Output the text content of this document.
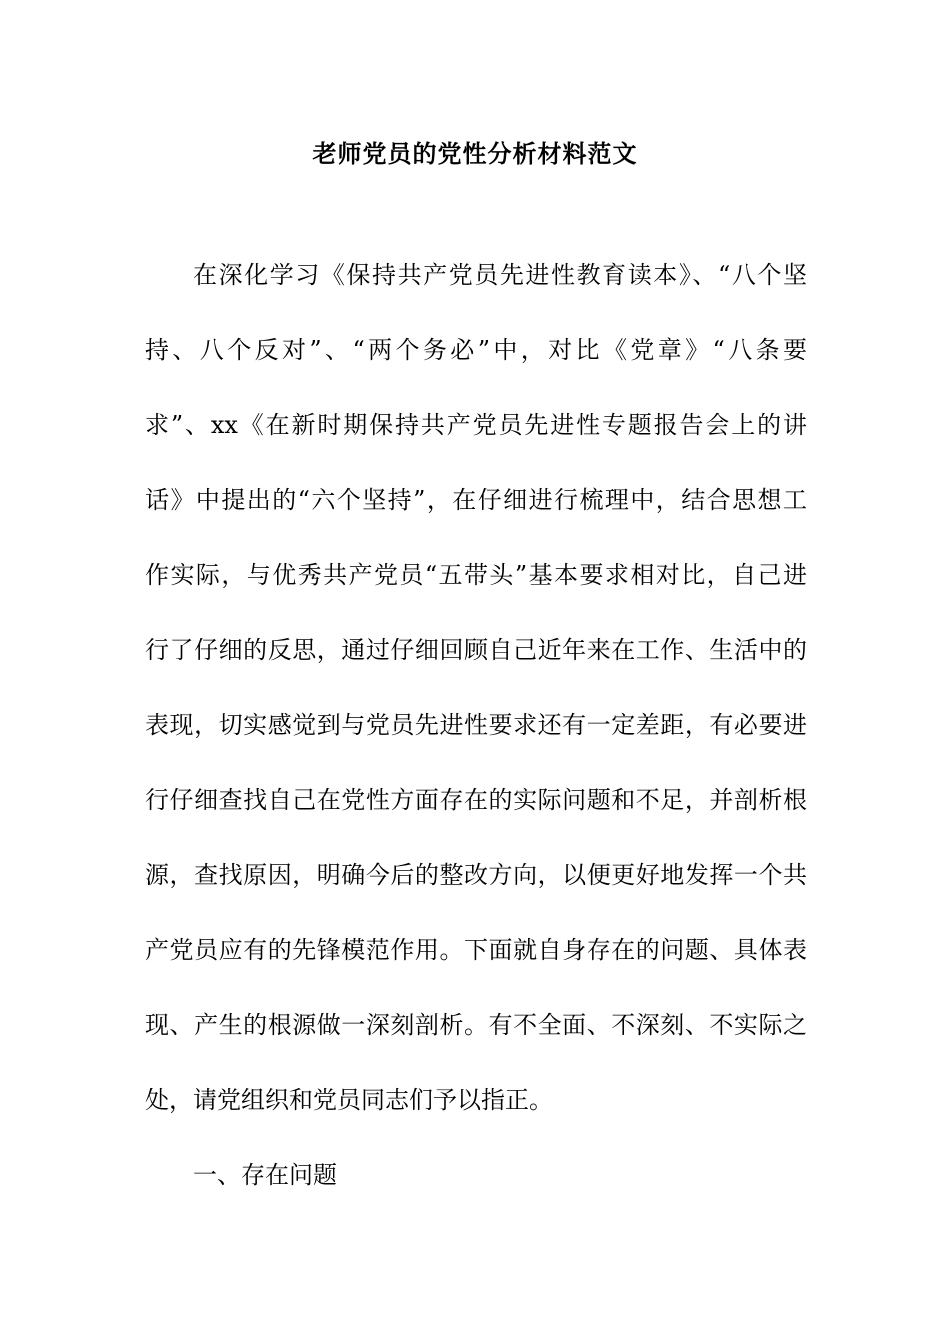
老师党员的党性分析材料范文
在深化学习《保持共产党员先进性教育读本》、“八个坚
持、八个反对”、“两个务必”中，对比《党章》“八条要
求”、xx《在新时期保持共产党员先进性专题报告会上的讲
话》中提出的“六个坚持”，在仔细进行梳理中，结合思想工
作实际，与优秀共产党员“五带头”基本要求相对比，自己进
行了仔细的反思，通过仔细回顾自己近年来在工作、生活中的
表现，切实感觉到与党员先进性要求还有一定差距，有必要进
行仔细查找自己在党性方面存在的实际问题和不足，并剖析根
源，查找原因，明确今后的整改方向，以便更好地发挥一个共
产党员应有的先锋模范作用。下面就自身存在的问题、具体表
现、产生的根源做一深刻剖析。有不全面、不深刻、不实际之
处，请党组织和党员同志们予以指正。
一、存在问题
